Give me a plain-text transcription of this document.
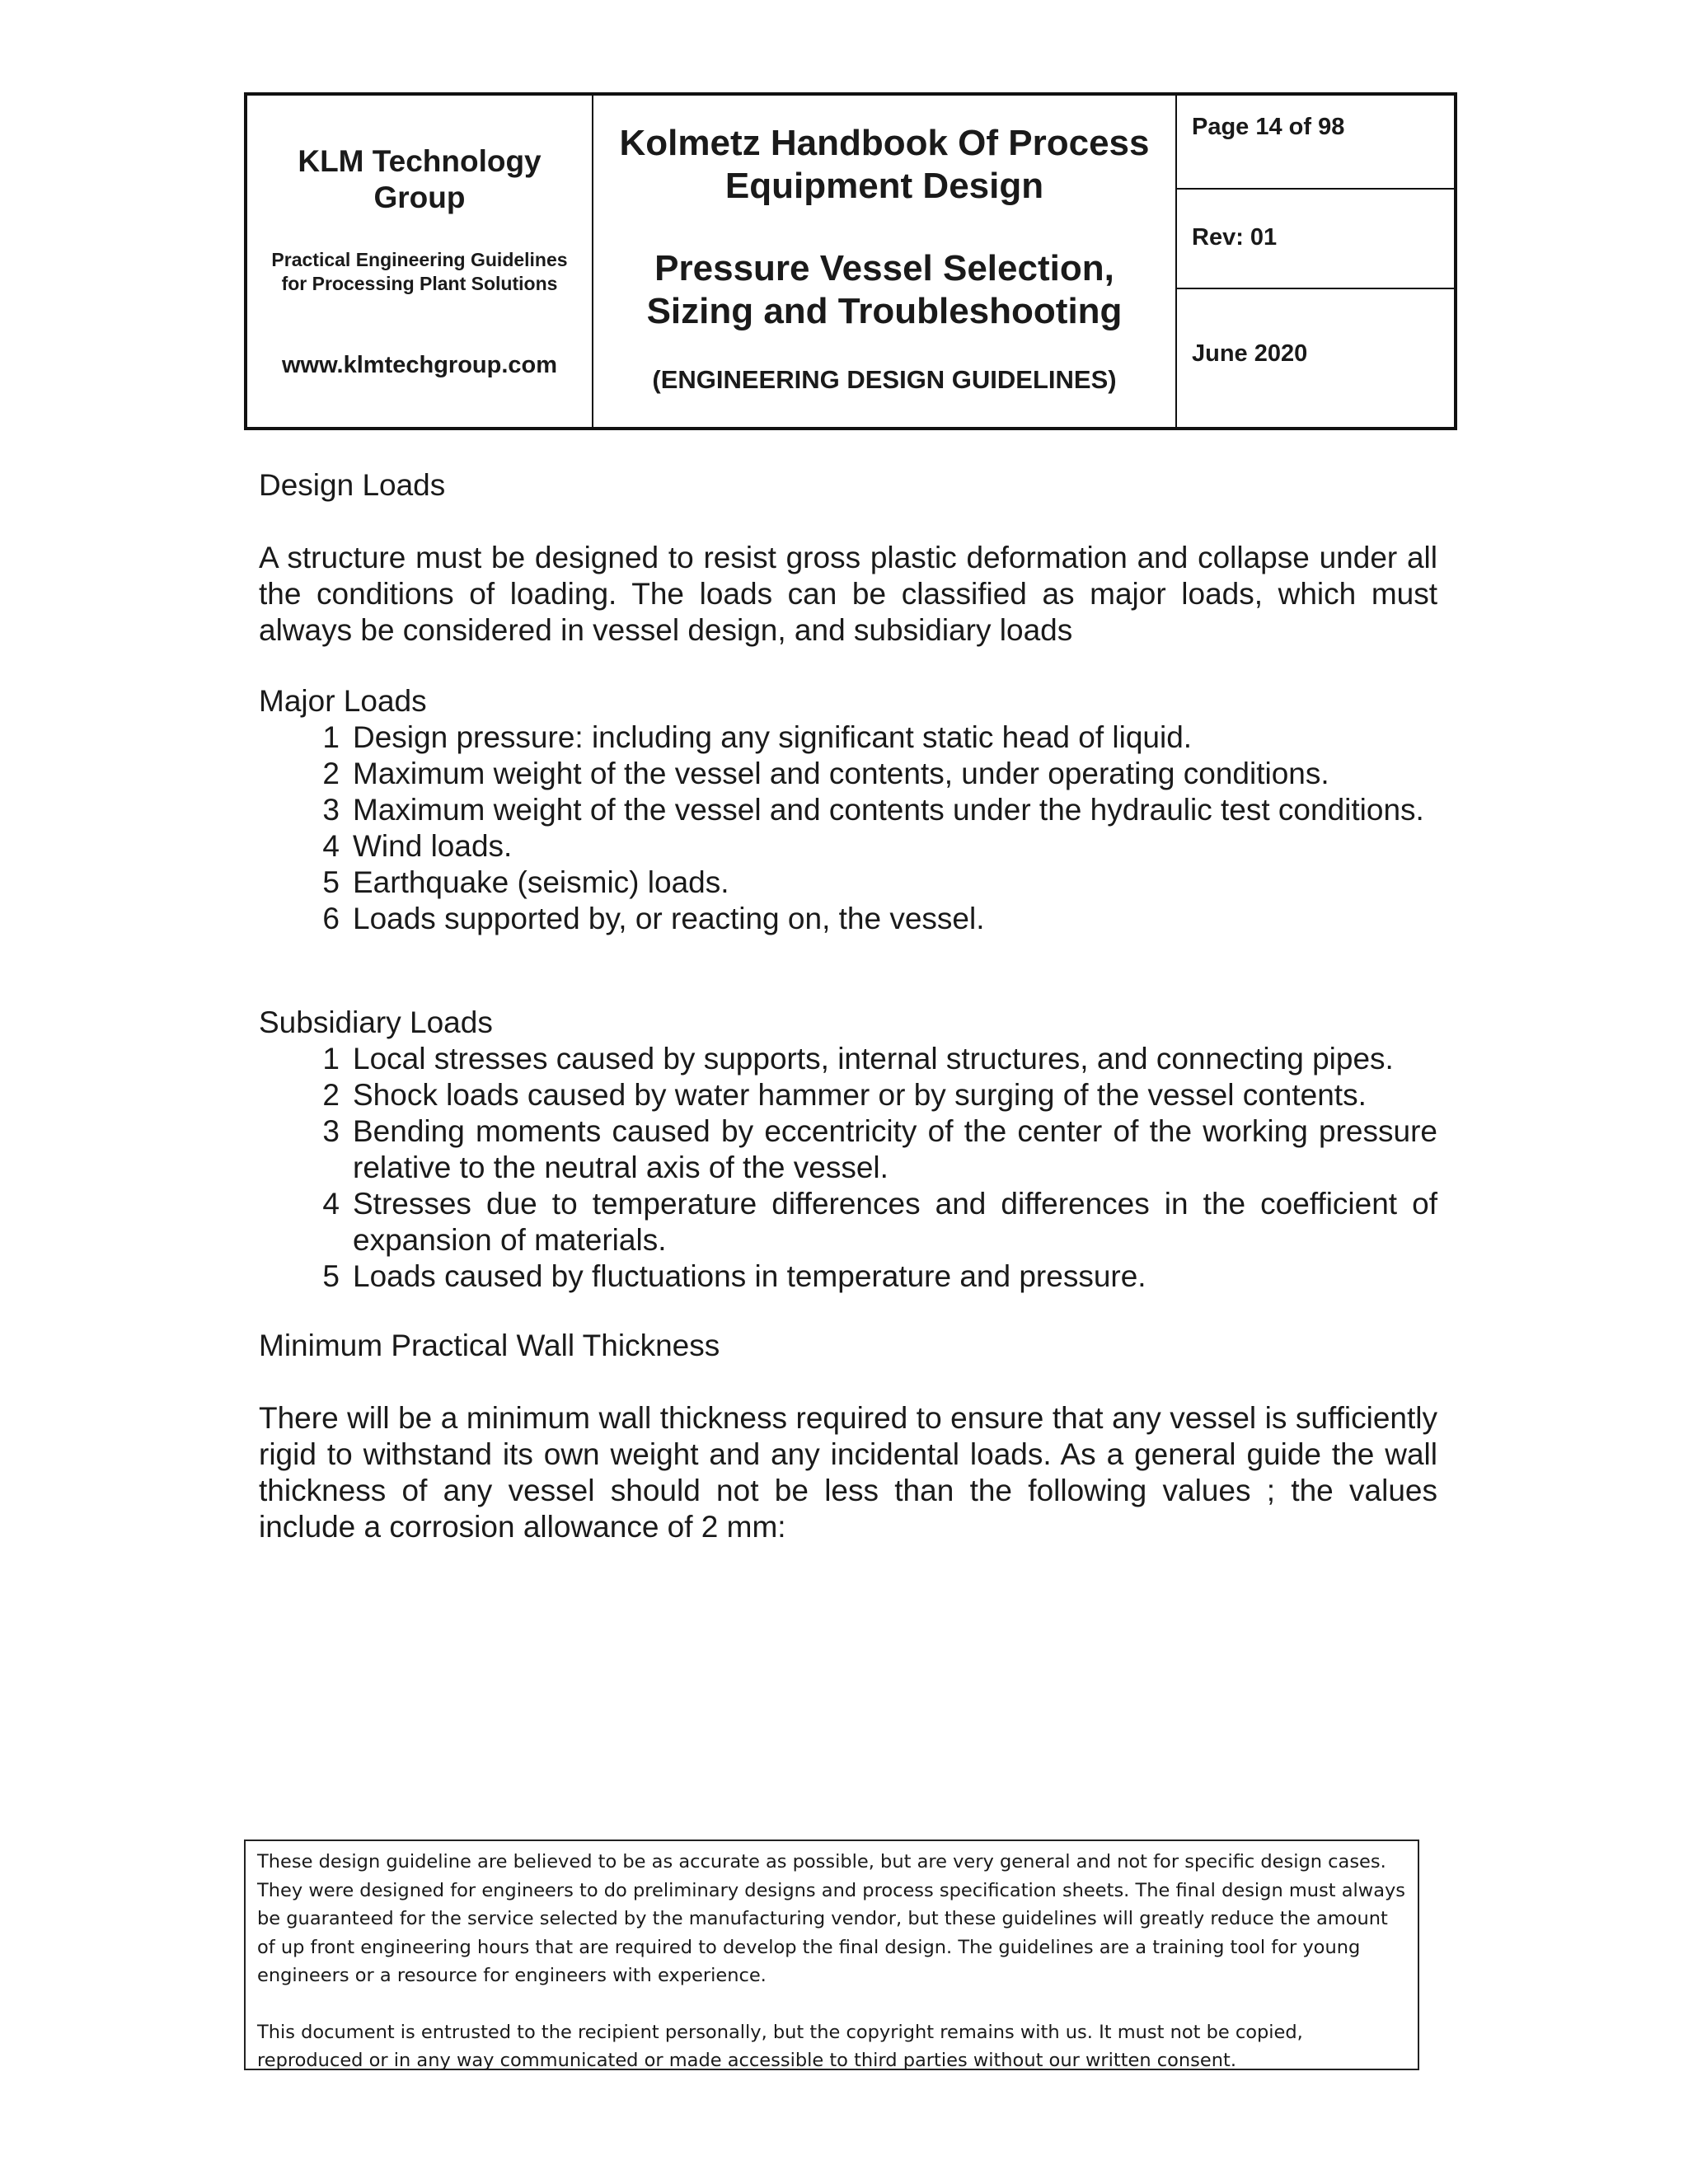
KLM Technology Group
Practical Engineering Guidelines for Processing Plant Solutions
www.klmtechgroup.com
Kolmetz Handbook Of Process Equipment Design
Pressure Vessel Selection, Sizing and Troubleshooting
(ENGINEERING DESIGN GUIDELINES)
Page 14 of 98
Rev: 01
June 2020
Design Loads
A structure must be designed to resist gross plastic deformation and collapse under all the conditions of loading. The loads can be classified as major loads, which must always be considered in vessel design, and subsidiary loads
Major Loads
1 Design pressure: including any significant static head of liquid.
2 Maximum weight of the vessel and contents, under operating conditions.
3 Maximum weight of the vessel and contents under the hydraulic test conditions.
4 Wind loads.
5 Earthquake (seismic) loads.
6 Loads supported by, or reacting on, the vessel.
Subsidiary Loads
1 Local stresses caused by supports, internal structures, and connecting pipes.
2 Shock loads caused by water hammer or by surging of the vessel contents.
3 Bending moments caused by eccentricity of the center of the working pressure relative to the neutral axis of the vessel.
4 Stresses due to temperature differences and differences in the coefficient of expansion of materials.
5 Loads caused by fluctuations in temperature and pressure.
Minimum Practical Wall Thickness
There will be a minimum wall thickness required to ensure that any vessel is sufficiently rigid to withstand its own weight and any incidental loads. As a general guide the wall thickness of any vessel should not be less than the following values ; the values include a corrosion allowance of 2 mm:

These design guideline are believed to be as accurate as possible, but are very general and not for specific design cases. They were designed for engineers to do preliminary designs and process specification sheets. The final design must always be guaranteed for the service selected by the manufacturing vendor, but these guidelines will greatly reduce the amount of up front engineering hours that are required to develop the final design. The guidelines are a training tool for young engineers or a resource for engineers with experience.

This document is entrusted to the recipient personally, but the copyright remains with us. It must not be copied, reproduced or in any way communicated or made accessible to third parties without our written consent.
